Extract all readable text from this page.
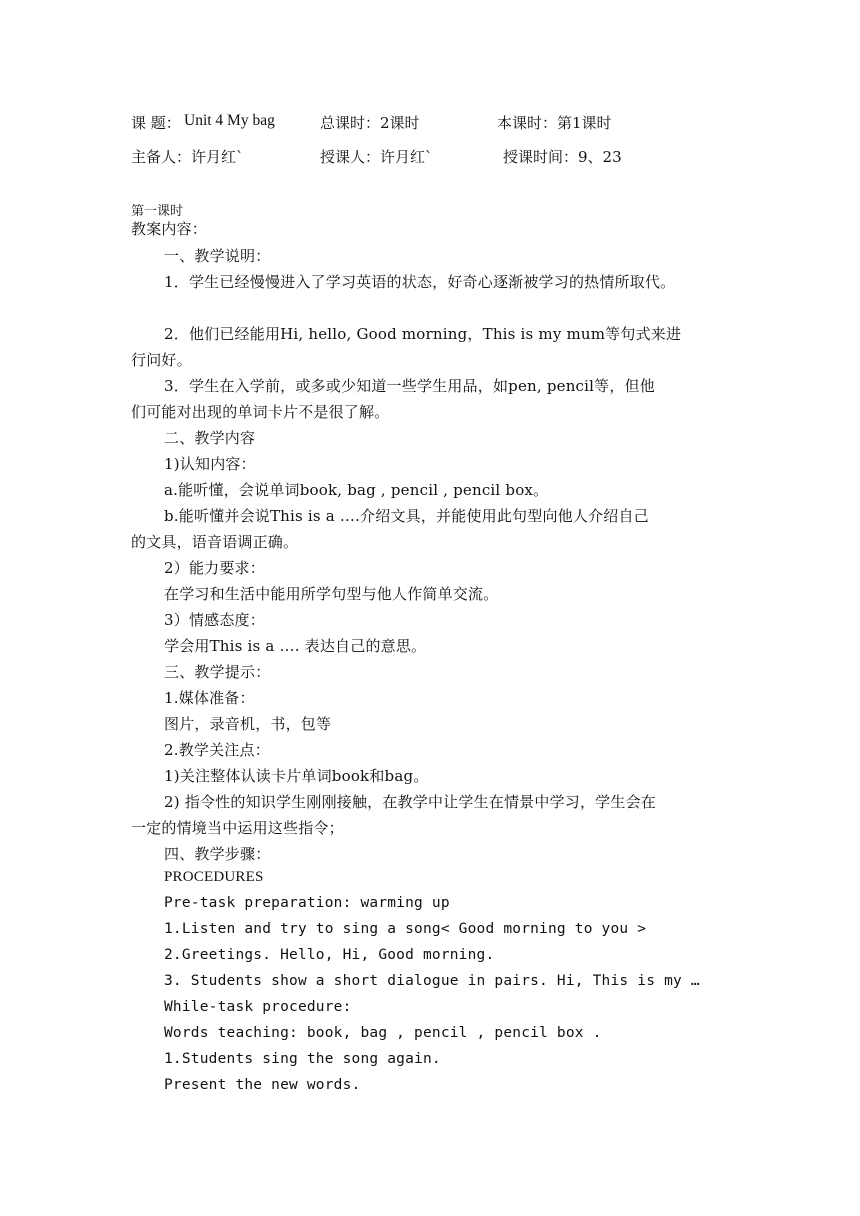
课 题： Unit 4 My bag	总课时：2课时	本课时：第1课时
主备人：许月红`	授课人：许月红`	授课时间：9、23
第一课时
教案内容：
一、教学说明：
1．学生已经慢慢进入了学习英语的状态，好奇心逐渐被学习的热情所取代。
2．他们已经能用Hi, hello, Good morning，This is my mum等句式来进
行问好。
3．学生在入学前，或多或少知道一些学生用品，如pen, pencil等，但他
们可能对出现的单词卡片不是很了解。
二、教学内容
1)认知内容：
a.能听懂，会说单词book, bag , pencil , pencil box。
b.能听懂并会说This is a ….介绍文具，并能使用此句型向他人介绍自己
的文具，语音语调正确。
2）能力要求：
在学习和生活中能用所学句型与他人作简单交流。
3）情感态度：
学会用This is a …. 表达自己的意思。
三、教学提示：
1.媒体准备：
图片，录音机，书，包等
2.教学关注点：
1)关注整体认读卡片单词book和bag。
2) 指令性的知识学生刚刚接触，在教学中让学生在情景中学习，学生会在
一定的情境当中运用这些指令；
四、教学步骤：
PROCEDURES
Pre-task preparation: warming up
1.Listen and try to sing a song< Good morning to you >
2.Greetings. Hello, Hi, Good morning.
3. Students show a short dialogue in pairs. Hi, This is my …
While-task procedure:
Words teaching: book, bag , pencil , pencil box .
1.Students sing the song again.
Present the new words.
